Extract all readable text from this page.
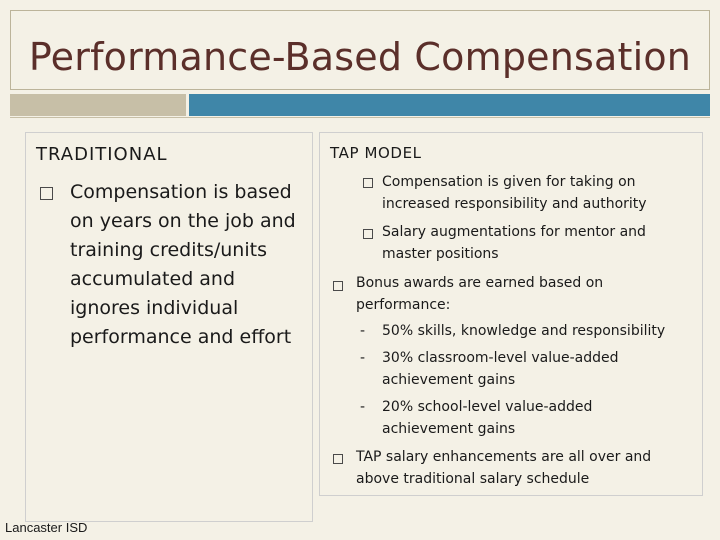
Performance-Based Compensation
TRADITIONAL
Compensation is based on years on the job and training credits/units accumulated and ignores individual performance and effort
TAP MODEL
Compensation is given for taking on increased responsibility and authority
Salary augmentations for mentor and master positions
Bonus awards are earned based on performance:
- 50% skills, knowledge and responsibility
- 30% classroom-level value-added achievement gains
- 20% school-level value-added achievement gains
TAP salary enhancements are all over and above traditional salary schedule
Lancaster ISD
